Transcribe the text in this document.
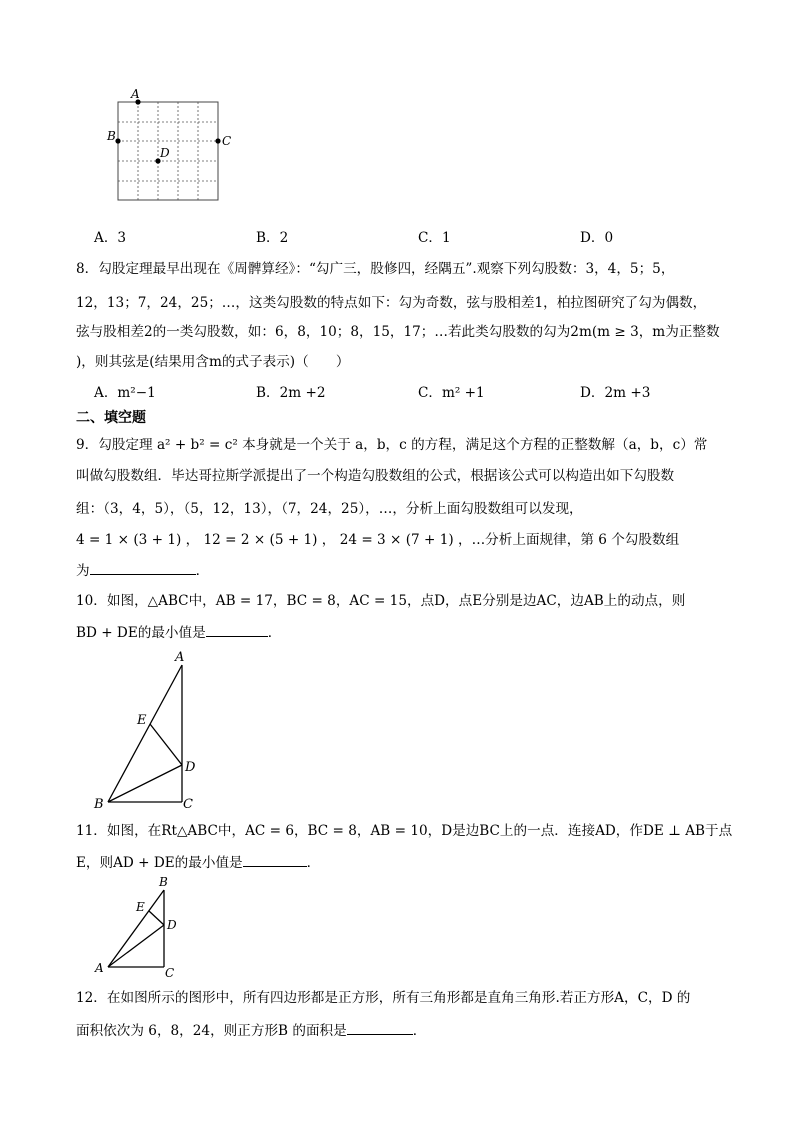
A
B	C
D
A．3	B．2	C．1	D．0
8．勾股定理最早出现在《周髀算经》：“勾广三，股修四，经隅五”.观察下列勾股数：3，4，5；5，
12，13；7，24，25；…，这类勾股数的特点如下：勾为奇数，弦与股相差1，柏拉图研究了勾为偶数，
弦与股相差2的一类勾股数，如：6，8，10；8，15，17；…若此类勾股数的勾为2m(m ≥ 3，m为正整数
)，则其弦是(结果用含m的式子表示)（　　）
A．m²−1	B．2m +2	C．m² +1	D．2m +3
二、填空题
9．勾股定理 a² + b² = c² 本身就是一个关于 a，b，c 的方程，满足这个方程的正整数解（a，b，c）常
叫做勾股数组．毕达哥拉斯学派提出了一个构造勾股数组的公式，根据该公式可以构造出如下勾股数
组：（3，4，5），（5，12，13），（7，24，25），…，分析上面勾股数组可以发现，
4 = 1 × (3 + 1) ， 12 = 2 × (5 + 1) ， 24 = 3 × (7 + 1) ，…分析上面规律，第 6 个勾股数组
为	．
10．如图，△ABC中，AB = 17，BC = 8，AC = 15，点D，点E分别是边AC，边AB上的动点，则
BD + DE的最小值是	．
A
B	C
D
E
11．如图，在Rt△ABC中，AC = 6，BC = 8，AB = 10，D是边BC上的一点．连接AD，作DE ⊥ AB于点
E，则AD + DE的最小值是	．
B
E
D
A	C
12．在如图所示的图形中，所有四边形都是正方形，所有三角形都是直角三角形.若正方形A，C，D 的
面积依次为 6，8，24，则正方形B 的面积是	．
